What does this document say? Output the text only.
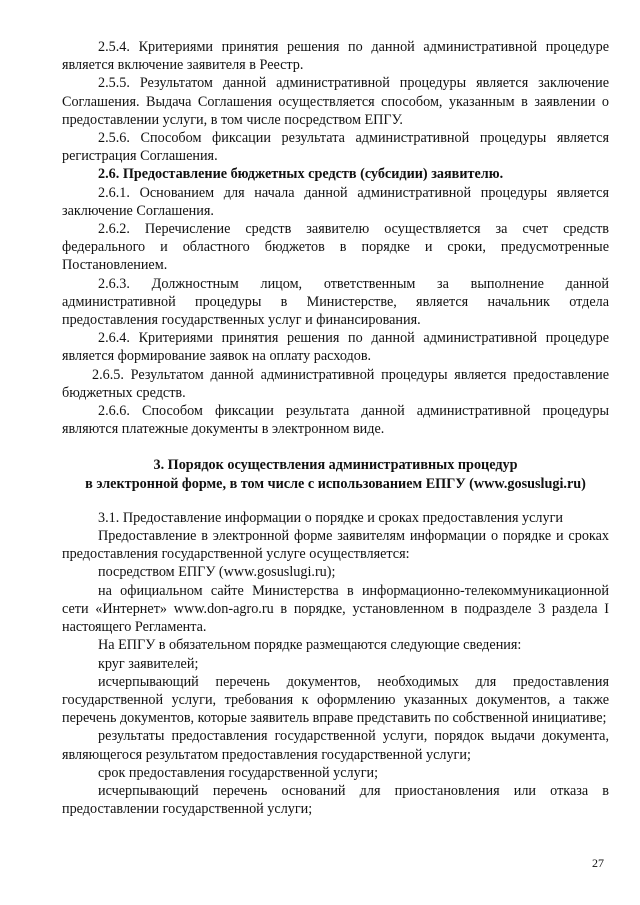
2.5.4. Критериями принятия решения по данной административной процедуре является включение заявителя в Реестр.

2.5.5. Результатом данной административной процедуры является заключение Соглашения. Выдача Соглашения осуществляется способом, указанным в заявлении о предоставлении услуги, в том числе посредством ЕПГУ.

2.5.6. Способом фиксации результата административной процедуры является регистрация Соглашения.

2.6. Предоставление бюджетных средств (субсидии) заявителю.

2.6.1. Основанием для начала данной административной процедуры является заключение Соглашения.

2.6.2. Перечисление средств заявителю осуществляется за счет средств федерального и областного бюджетов в порядке и сроки, предусмотренные Постановлением.

2.6.3. Должностным лицом, ответственным за выполнение данной административной процедуры в Министерстве, является начальник отдела предоставления государственных услуг и финансирования.

2.6.4. Критериями принятия решения по данной административной процедуре является формирование заявок на оплату расходов.

2.6.5. Результатом данной административной процедуры является предоставление бюджетных средств.

2.6.6. Способом фиксации результата данной административной процедуры являются платежные документы в электронном виде.

3. Порядок осуществления административных процедур

в электронной форме, в том числе с использованием ЕПГУ (www.gosuslugi.ru)

3.1. Предоставление информации о порядке и сроках предоставления услуги

Предоставление в электронной форме заявителям информации о порядке и сроках предоставления государственной услуге осуществляется:

посредством ЕПГУ (www.gosuslugi.ru);

на официальном сайте Министерства в информационно-телекоммуникационной сети «Интернет» www.don-agro.ru в порядке, установленном в подразделе 3 раздела I настоящего Регламента.

На ЕПГУ в обязательном порядке размещаются следующие сведения:

круг заявителей;

исчерпывающий перечень документов, необходимых для предоставления государственной услуги, требования к оформлению указанных документов, а также перечень документов, которые заявитель вправе представить по собственной инициативе;

результаты предоставления государственной услуги, порядок выдачи документа, являющегося результатом предоставления государственной услуги;

срок предоставления государственной услуги;

исчерпывающий перечень оснований для приостановления или отказа в предоставлении государственной услуги;

27
